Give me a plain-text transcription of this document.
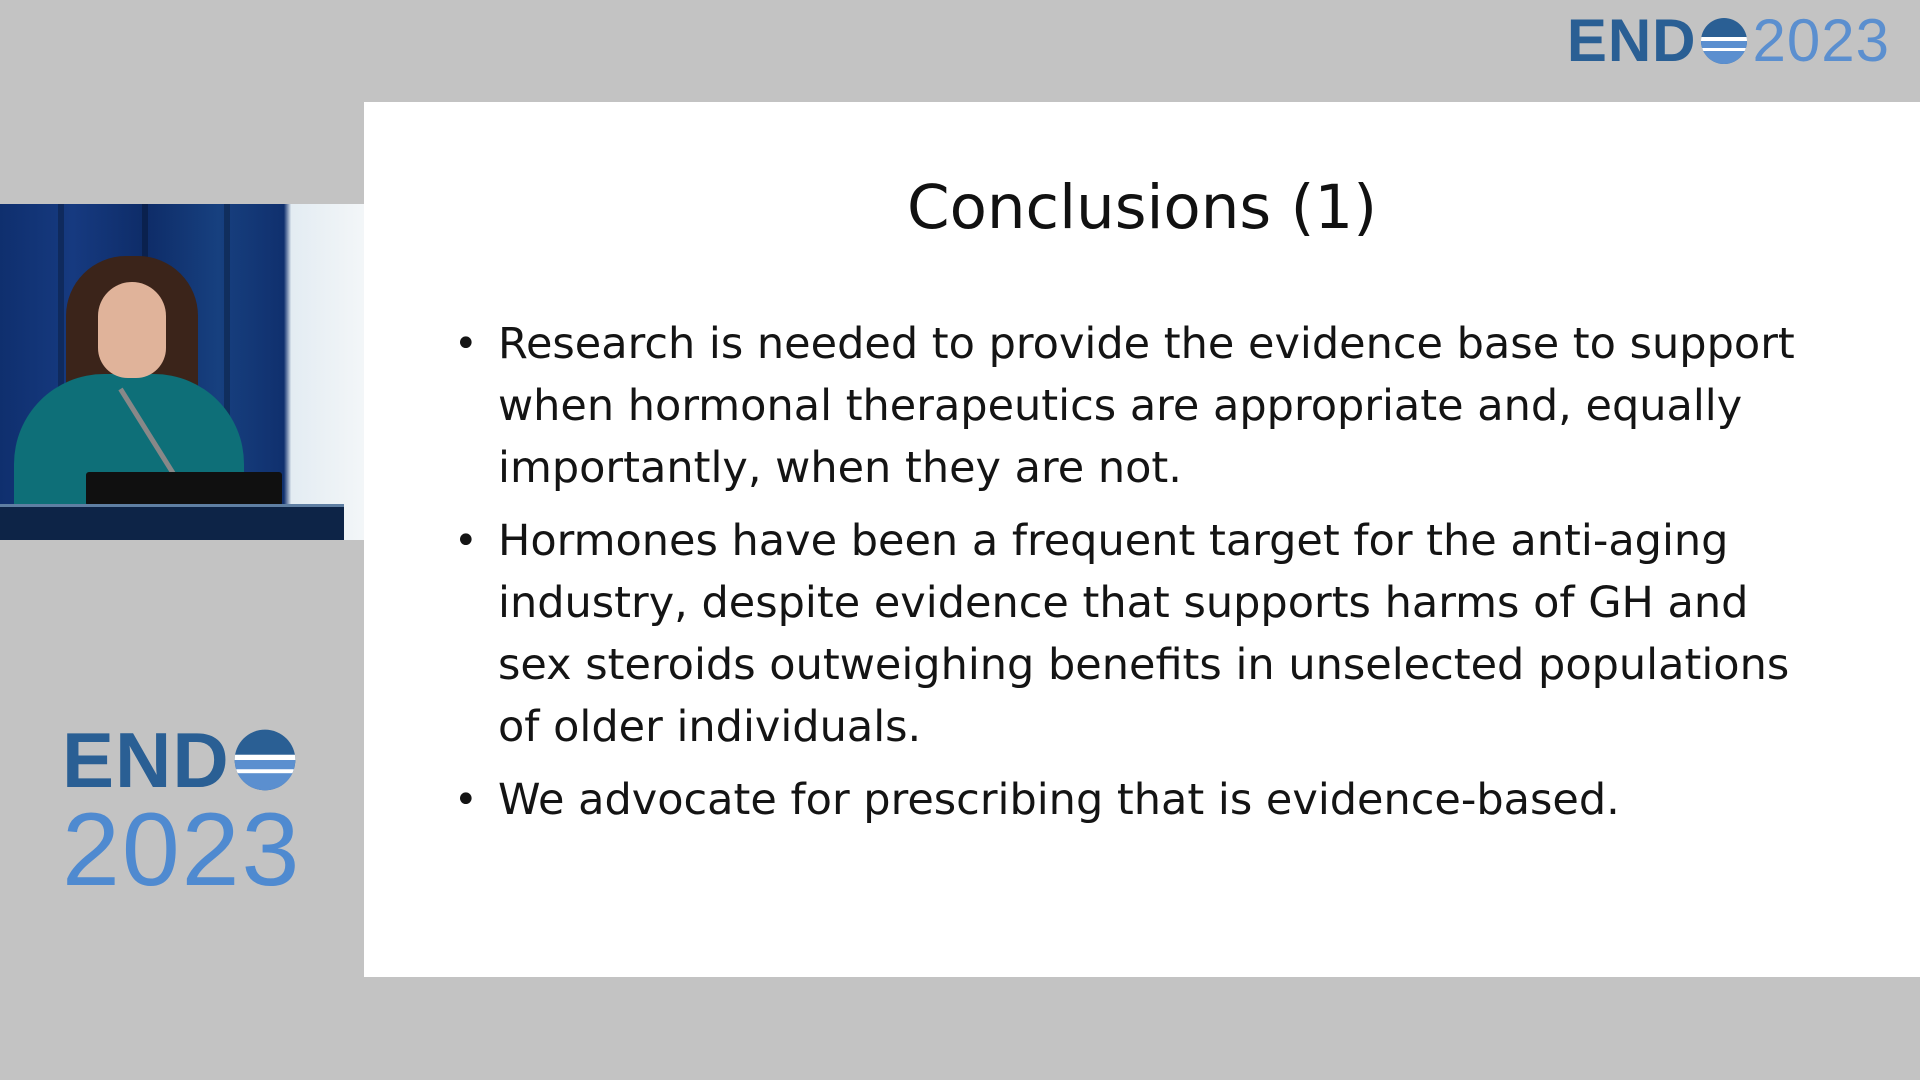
END 2023
Conclusions (1)
• Research is needed to provide the evidence base to support when hormonal therapeutics are appropriate and, equally importantly, when they are not.
• Hormones have been a frequent target for the anti-aging industry, despite evidence that supports harms of GH and sex steroids outweighing benefits in unselected populations of older individuals.
• We advocate for prescribing that is evidence-based.
END
2023
